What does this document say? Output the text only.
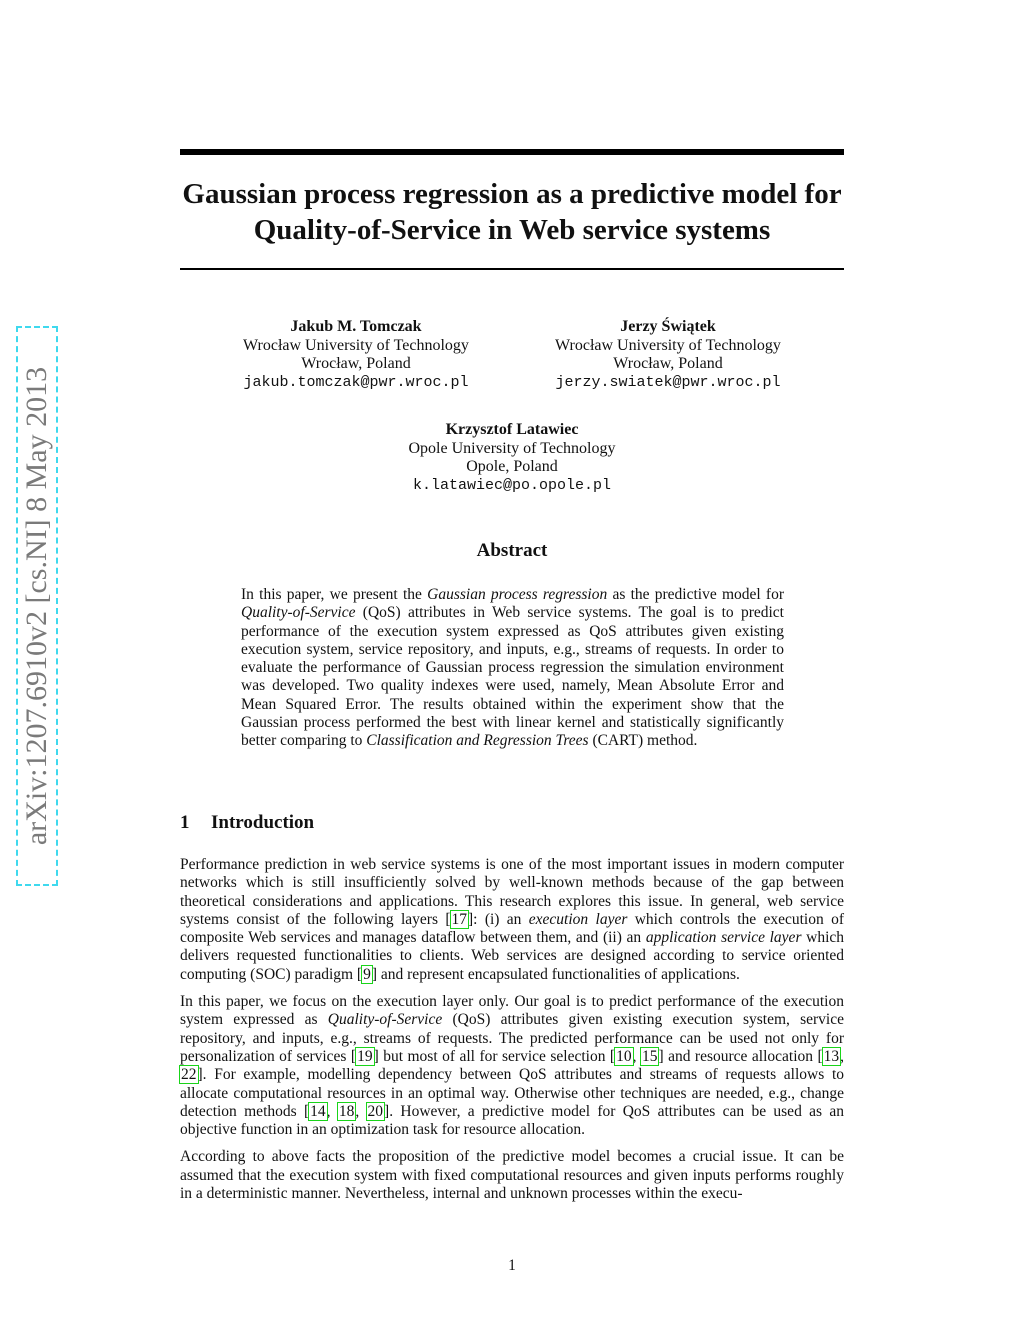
arXiv:1207.6910v2 [cs.NI] 8 May 2013
Gaussian process regression as a predictive model for
Quality-of-Service in Web service systems
Jakub M. Tomczak
Wrocław University of Technology
Wrocław, Poland
jakub.tomczak@pwr.wroc.pl
Jerzy Świątek
Wrocław University of Technology
Wrocław, Poland
jerzy.swiatek@pwr.wroc.pl
Krzysztof Latawiec
Opole University of Technology
Opole, Poland
k.latawiec@po.opole.pl
Abstract

In this paper, we present the Gaussian process regression as the predictive model for Quality-of-Service (QoS) attributes in Web service systems. The goal is to predict performance of the execution system expressed as QoS attributes given existing execution system, service repository, and inputs, e.g., streams of requests. In order to evaluate the performance of Gaussian process regression the simulation environment was developed. Two quality indexes were used, namely, Mean Absolute Error and Mean Squared Error. The results obtained within the experiment show that the Gaussian process performed the best with linear kernel and statistically significantly better comparing to Classification and Regression Trees (CART) method.

1 Introduction

Performance prediction in web service systems is one of the most important issues in modern computer networks which is still insufficiently solved by well-known methods because of the gap between theoretical considerations and applications. This research explores this issue. In general, web service systems consist of the following layers [17]: (i) an execution layer which controls the execution of composite Web services and manages dataflow between them, and (ii) an application service layer which delivers requested functionalities to clients. Web services are designed according to service oriented computing (SOC) paradigm [9] and represent encapsulated functionalities of applications.

In this paper, we focus on the execution layer only. Our goal is to predict performance of the execution system expressed as Quality-of-Service (QoS) attributes given existing execution system, service repository, and inputs, e.g., streams of requests. The predicted performance can be used not only for personalization of services [19] but most of all for service selection [10, 15] and resource allocation [13, 22]. For example, modelling dependency between QoS attributes and streams of requests allows to allocate computational resources in an optimal way. Otherwise other techniques are needed, e.g., change detection methods [14, 18, 20]. However, a predictive model for QoS attributes can be used as an objective function in an optimization task for resource allocation.

According to above facts the proposition of the predictive model becomes a crucial issue. It can be assumed that the execution system with fixed computational resources and given inputs performs roughly in a deterministic manner. Nevertheless, internal and unknown processes within the execu-

1
